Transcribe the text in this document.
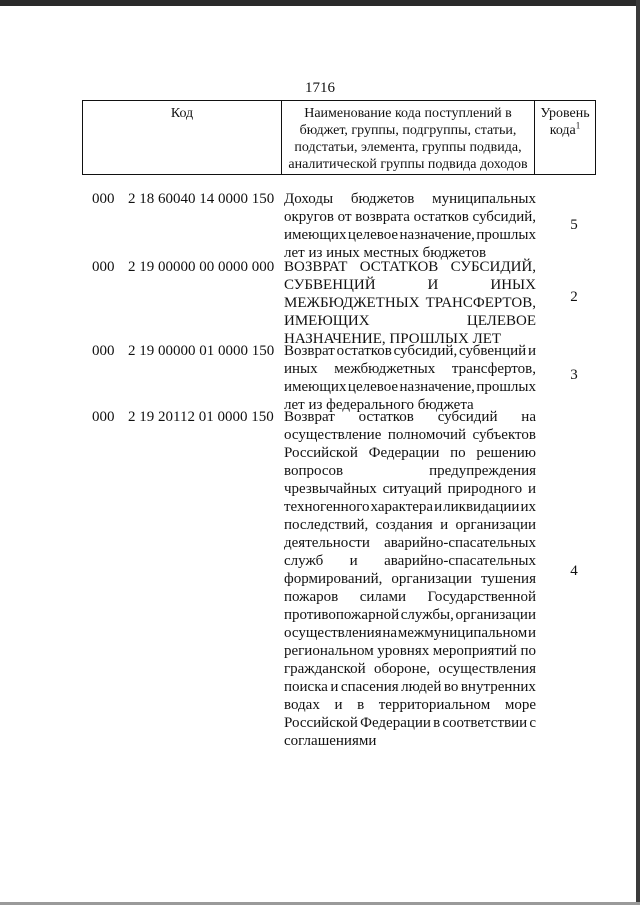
1716
Код	Наименование кода поступлений в
бюджет, группы, подгруппы, статьи,
подстатьи, элемента, группы подвида,
аналитической группы подвида доходов	Уровень
кода$^1$
000 2 18 60040 14 0000 150 Доходы бюджетов муниципальных
округов от возврата остатков субсидий,
имеющих целевое назначение, прошлых
лет из иных местных бюджетов
5
000 2 19 00000 00 0000 000 ВОЗВРАТ ОСТАТКОВ СУБСИДИЙ,
СУБВЕНЦИЙ	И	ИНЫХ
МЕЖБЮДЖЕТНЫХ ТРАНСФЕРТОВ,
ИМЕЮЩИХ	ЦЕЛЕВОЕ
НАЗНАЧЕНИЕ, ПРОШЛЫХ ЛЕТ
2
000 2 19 00000 01 0000 150 Возврат остатков субсидий, субвенций и
иных межбюджетных трансфертов,
имеющих целевое назначение, прошлых
лет из федерального бюджета
3
000 2 19 20112 01 0000 150 Возврат остатков субсидий на
осуществление полномочий субъектов
Российской Федерации по решению
вопросов	предупреждения
чрезвычайных ситуаций природного и
техногенного характера и ликвидации их
последствий, создания и организации
деятельности аварийно-спасательных
служб и аварийно-спасательных
формирований, организации тушения
пожаров силами Государственной
противопожарной службы, организации
осуществления на межмуниципальном и
региональном уровнях мероприятий по
гражданской обороне, осуществления
поиска и спасения людей во внутренних
водах и в территориальном море
Российской Федерации в соответствии с
соглашениями
4
